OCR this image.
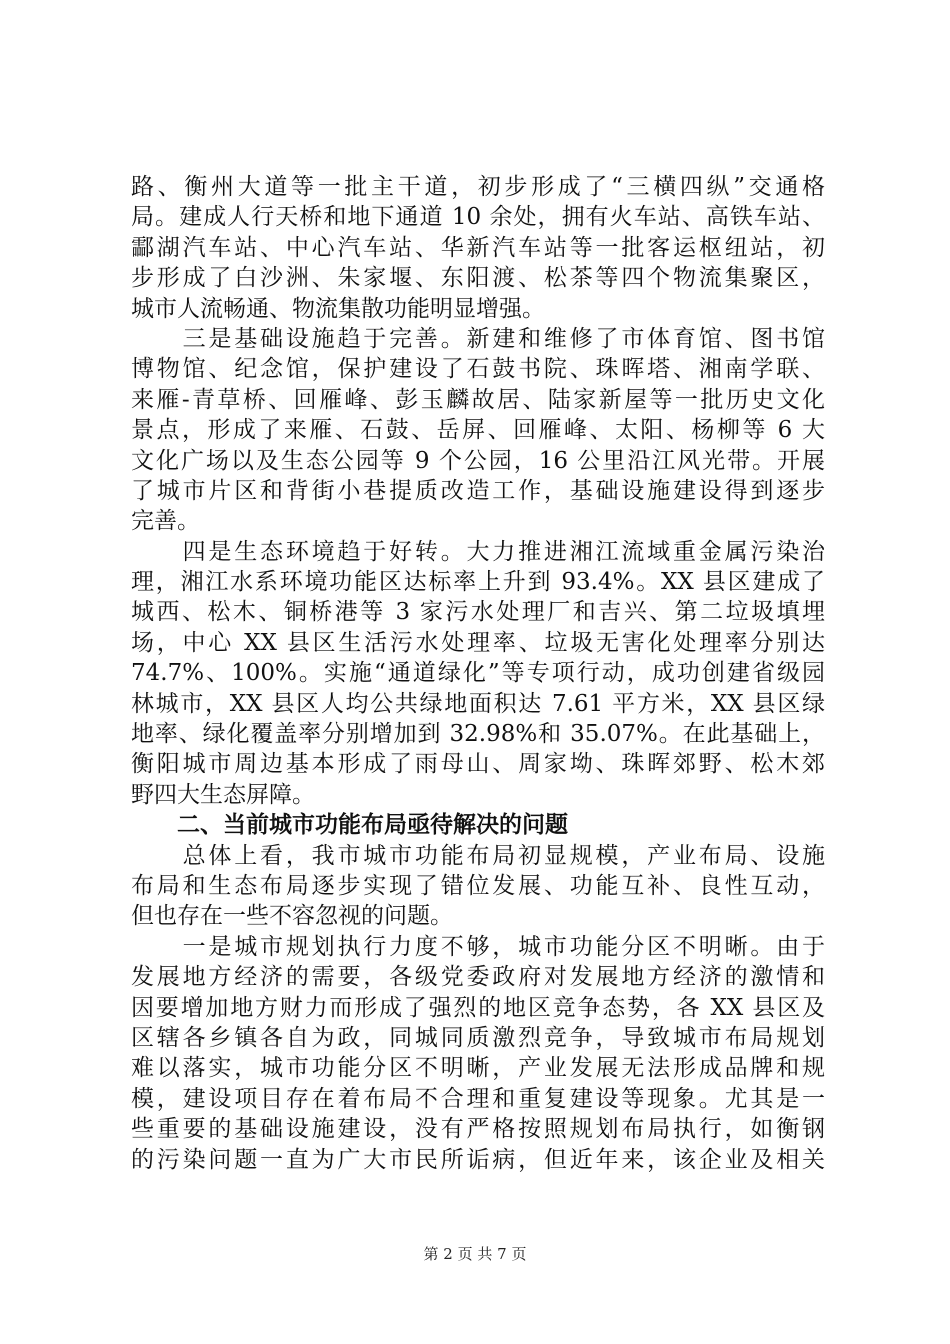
路、衡州大道等一批主干道，初步形成了“三横四纵”交通格
局。建成人行天桥和地下通道 10 余处，拥有火车站、高铁车站、
酃湖汽车站、中心汽车站、华新汽车站等一批客运枢纽站，初
步形成了白沙洲、朱家堰、东阳渡、松茶等四个物流集聚区，
城市人流畅通、物流集散功能明显增强。
　　三是基础设施趋于完善。新建和维修了市体育馆、图书馆
博物馆、纪念馆，保护建设了石鼓书院、珠晖塔、湘南学联、
来雁-青草桥、回雁峰、彭玉麟故居、陆家新屋等一批历史文化
景点，形成了来雁、石鼓、岳屏、回雁峰、太阳、杨柳等 6 大
文化广场以及生态公园等 9 个公园，16 公里沿江风光带。开展
了城市片区和背街小巷提质改造工作，基础设施建设得到逐步
完善。
　　四是生态环境趋于好转。大力推进湘江流域重金属污染治
理，湘江水系环境功能区达标率上升到 93.4%。XX 县区建成了
城西、松木、铜桥港等 3 家污水处理厂和吉兴、第二垃圾填埋
场，中心 XX 县区生活污水处理率、垃圾无害化处理率分别达
74.7%、100%。实施“通道绿化”等专项行动，成功创建省级园
林城市，XX 县区人均公共绿地面积达 7.61 平方米，XX 县区绿
地率、绿化覆盖率分别增加到 32.98%和 35.07%。在此基础上，
衡阳城市周边基本形成了雨母山、周家坳、珠晖郊野、松木郊
野四大生态屏障。
二、当前城市功能布局亟待解决的问题
　　总体上看，我市城市功能布局初显规模，产业布局、设施
布局和生态布局逐步实现了错位发展、功能互补、良性互动，
但也存在一些不容忽视的问题。
　　一是城市规划执行力度不够，城市功能分区不明晰。由于
发展地方经济的需要，各级党委政府对发展地方经济的激情和
因要增加地方财力而形成了强烈的地区竞争态势，各 XX 县区及
区辖各乡镇各自为政，同城同质激烈竞争，导致城市布局规划
难以落实，城市功能分区不明晰，产业发展无法形成品牌和规
模，建设项目存在着布局不合理和重复建设等现象。尤其是一
些重要的基础设施建设，没有严格按照规划布局执行，如衡钢
的污染问题一直为广大市民所诟病，但近年来，该企业及相关
第 2 页 共 7 页
